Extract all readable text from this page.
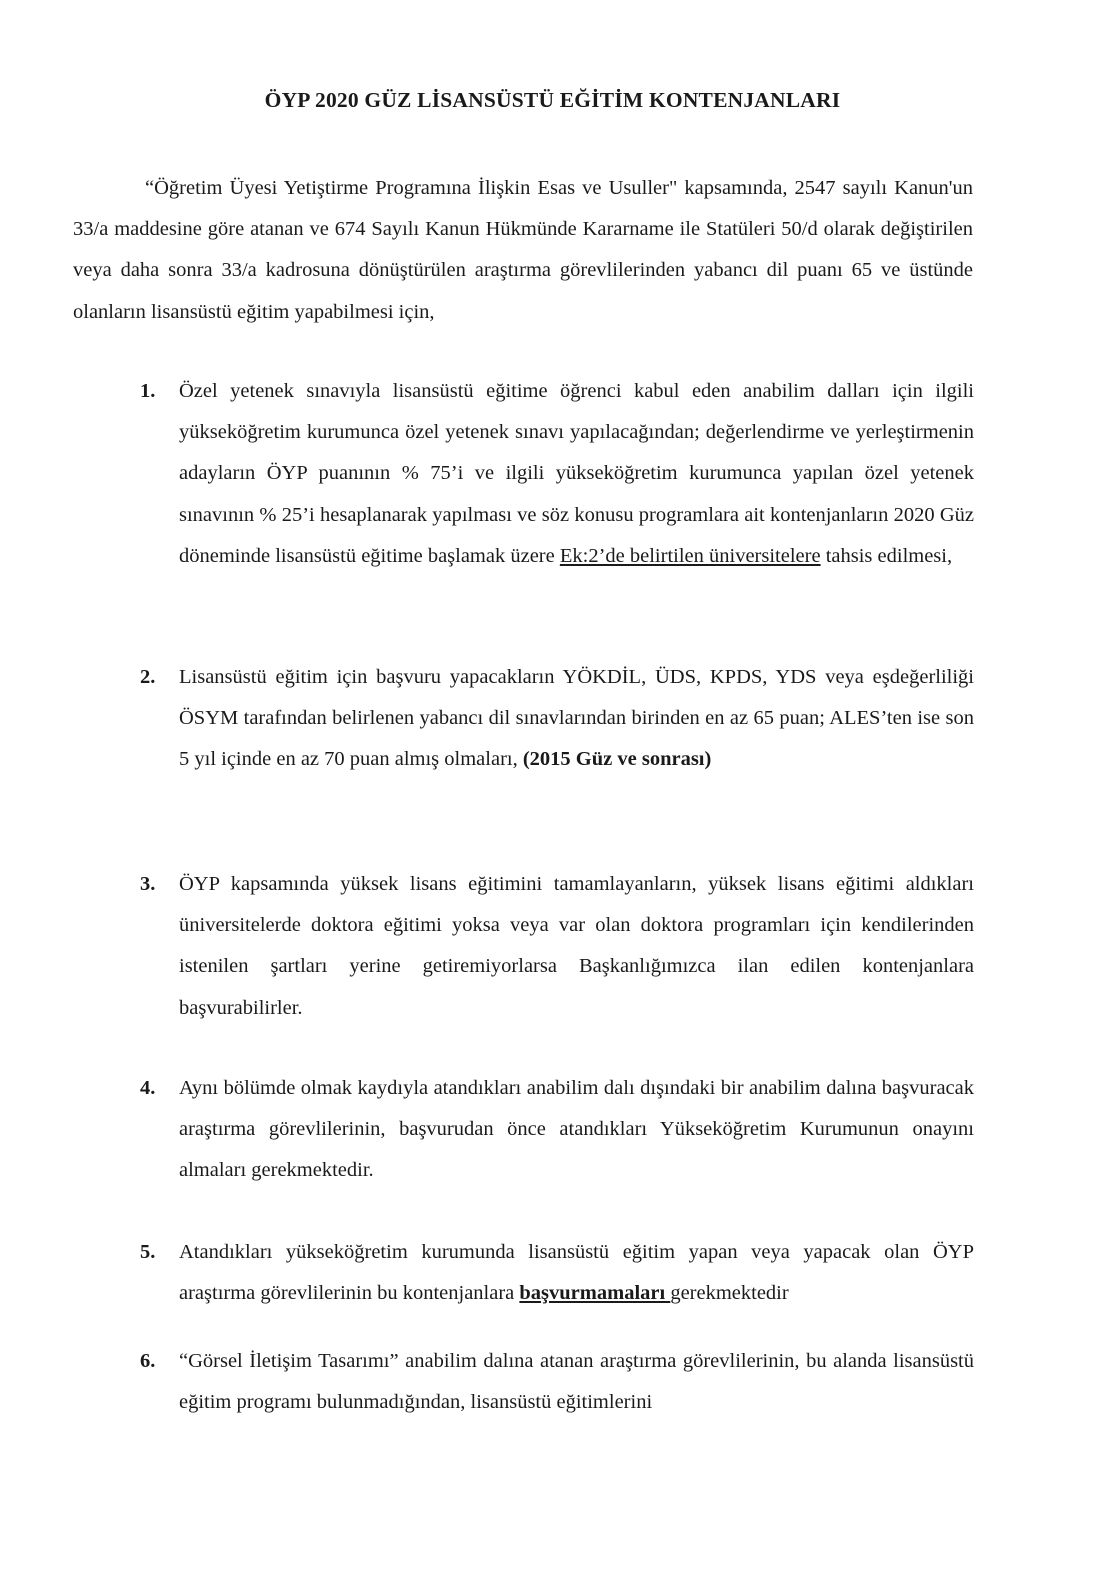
ÖYP 2020 GÜZ LİSANSÜSTÜ EĞİTİM KONTENJANLARI
“Öğretim Üyesi Yetiştirme Programına İlişkin Esas ve Usuller" kapsamında, 2547 sayılı Kanun'un 33/a maddesine göre atanan ve 674 Sayılı Kanun Hükmünde Kararname ile Statüleri 50/d olarak değiştirilen veya daha sonra 33/a kadrosuna dönüştürülen araştırma görevlilerinden yabancı dil puanı 65 ve üstünde olanların lisansüstü eğitim yapabilmesi için,
1. Özel yetenek sınavıyla lisansüstü eğitime öğrenci kabul eden anabilim dalları için ilgili yükseköğretim kurumunca özel yetenek sınavı yapılacağından; değerlendirme ve yerleştirmenin adayların ÖYP puanının % 75’i ve ilgili yükseköğretim kurumunca yapılan özel yetenek sınavının % 25’i hesaplanarak yapılması ve söz konusu programlara ait kontenjanların 2020 Güz döneminde lisansüstü eğitime başlamak üzere Ek:2’de belirtilen üniversitelere tahsis edilmesi,
2. Lisansüstü eğitim için başvuru yapacakların YÖKDİL, ÜDS, KPDS, YDS veya eşdeğerliliği ÖSYM tarafından belirlenen yabancı dil sınavlarından birinden en az 65 puan; ALES’ten ise son 5 yıl içinde en az 70 puan almış olmaları, (2015 Güz ve sonrası)
3. ÖYP kapsamında yüksek lisans eğitimini tamamlayanların, yüksek lisans eğitimi aldıkları üniversitelerde doktora eğitimi yoksa veya var olan doktora programları için kendilerinden istenilen şartları yerine getiremiyorlarsa Başkanlığımızca ilan edilen kontenjanlara başvurabilirler.
4. Aynı bölümde olmak kaydıyla atandıkları anabilim dalı dışındaki bir anabilim dalına başvuracak araştırma görevlilerinin, başvurudan önce atandıkları Yükseköğretim Kurumunun onayını almaları gerekmektedir.
5. Atandıkları yükseköğretim kurumunda lisansüstü eğitim yapan veya yapacak olan ÖYP araştırma görevlilerinin bu kontenjanlara başvurmamaları gerekmektedir
6. “Görsel İletişim Tasarımı” anabilim dalına atanan araştırma görevlilerinin, bu alanda lisansüstü eğitim programı bulunmadığından, lisansüstü eğitimlerini
